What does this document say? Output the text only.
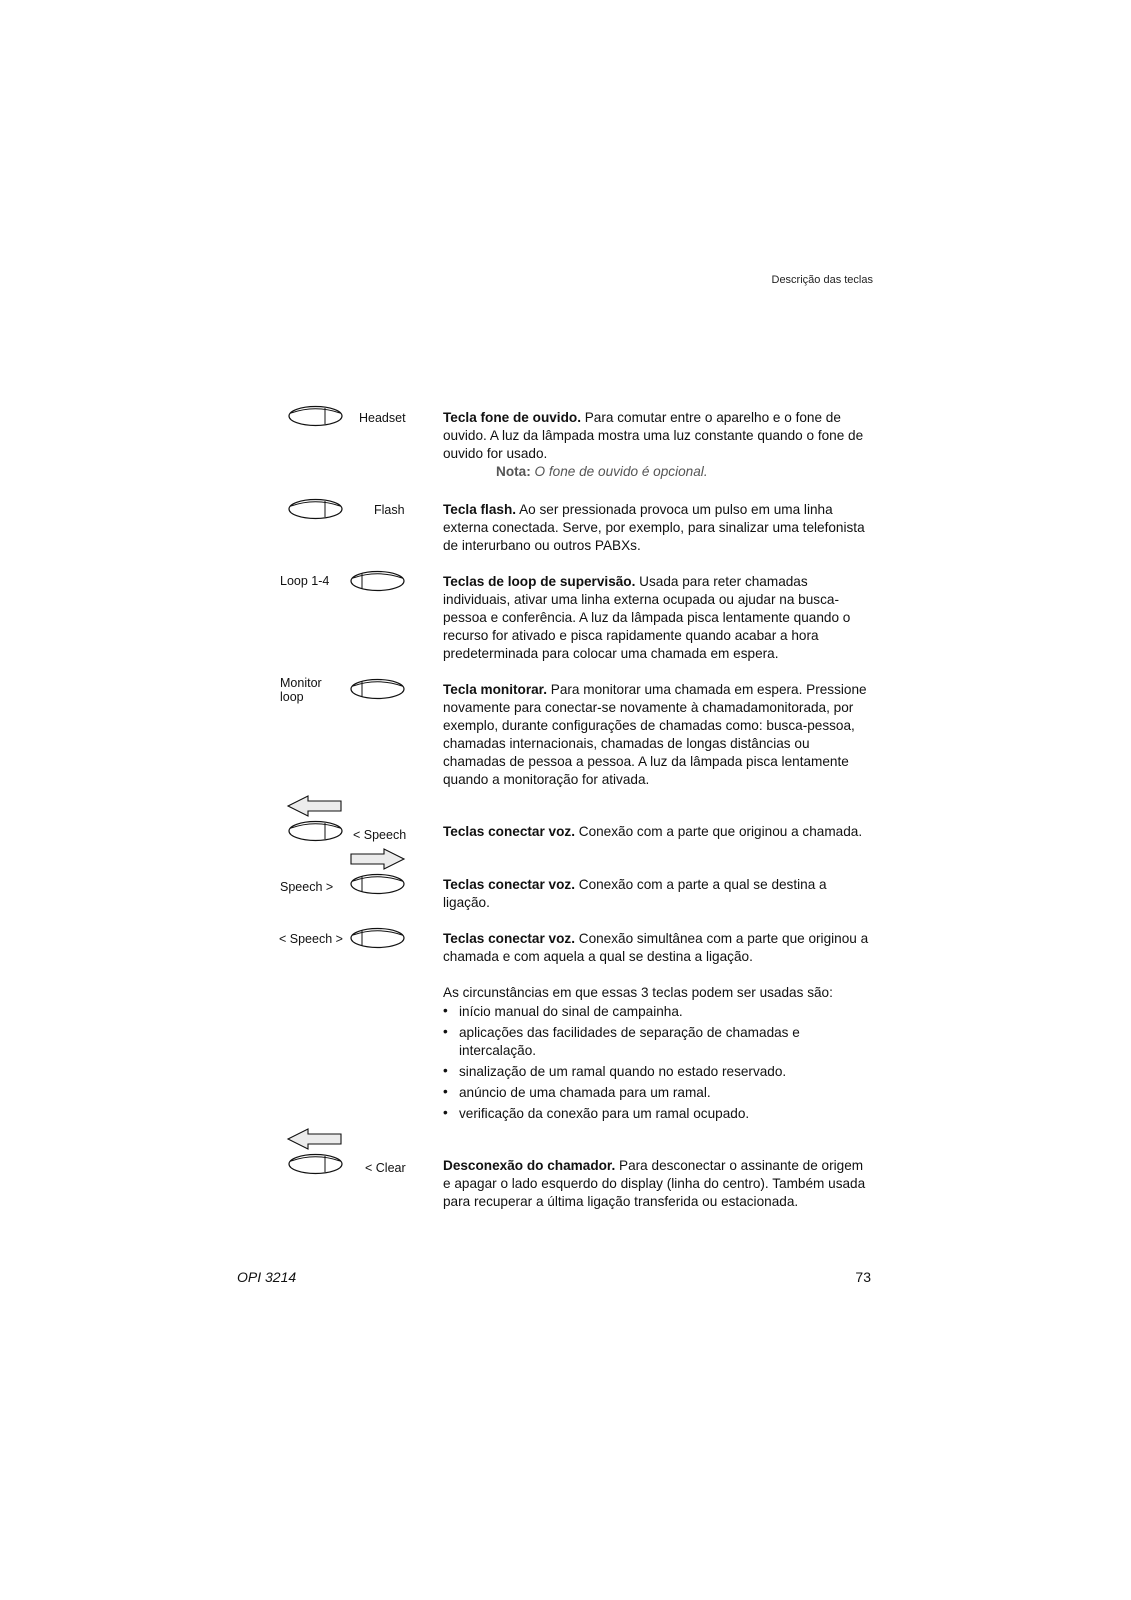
Descrição das teclas
Headset	Tecla fone de ouvido. Para comutar entre o aparelho e o fone de ouvido. A luz da lâmpada mostra uma luz constante quando o fone de ouvido for usado.
Nota: O fone de ouvido é opcional.
Flash	Tecla flash. Ao ser pressionada provoca um pulso em uma linha externa conectada. Serve, por exemplo, para sinalizar uma telefonista de interurbano ou outros PABXs.
Loop 1-4	Teclas de loop de supervisão. Usada para reter chamadas individuais, ativar uma linha externa ocupada ou ajudar na busca-pessoa e conferência. A luz da lâmpada pisca lentamente quando o recurso for ativado e pisca rapidamente quando acabar a hora predeterminada para colocar uma chamada em espera.
Monitor
loop	Tecla monitorar. Para monitorar uma chamada em espera. Pressione novamente para conectar-se novamente à chamadamonitorada, por exemplo, durante configurações de chamadas como: busca-pessoa, chamadas internacionais, chamadas de longas distâncias ou chamadas de pessoa a pessoa. A luz da lâmpada pisca lentamente quando a monitoração for ativada.
< Speech	Teclas conectar voz. Conexão com a parte que originou a chamada.
Speech >	Teclas conectar voz. Conexão com a parte a qual se destina a ligação.
< Speech >	Teclas conectar voz. Conexão simultânea com a parte que originou a chamada e com aquela a qual se destina a ligação.
As circunstâncias em que essas 3 teclas podem ser usadas são:
• início manual do sinal de campainha.
• aplicações das facilidades de separação de chamadas e intercalação.
• sinalização de um ramal quando no estado reservado.
• anúncio de uma chamada para um ramal.
• verificação da conexão para um ramal ocupado.
< Clear	Desconexão do chamador. Para desconectar o assinante de origem e apagar o lado esquerdo do display (linha do centro). Também usada para recuperar a última ligação transferida ou estacionada.
OPI 3214	73
